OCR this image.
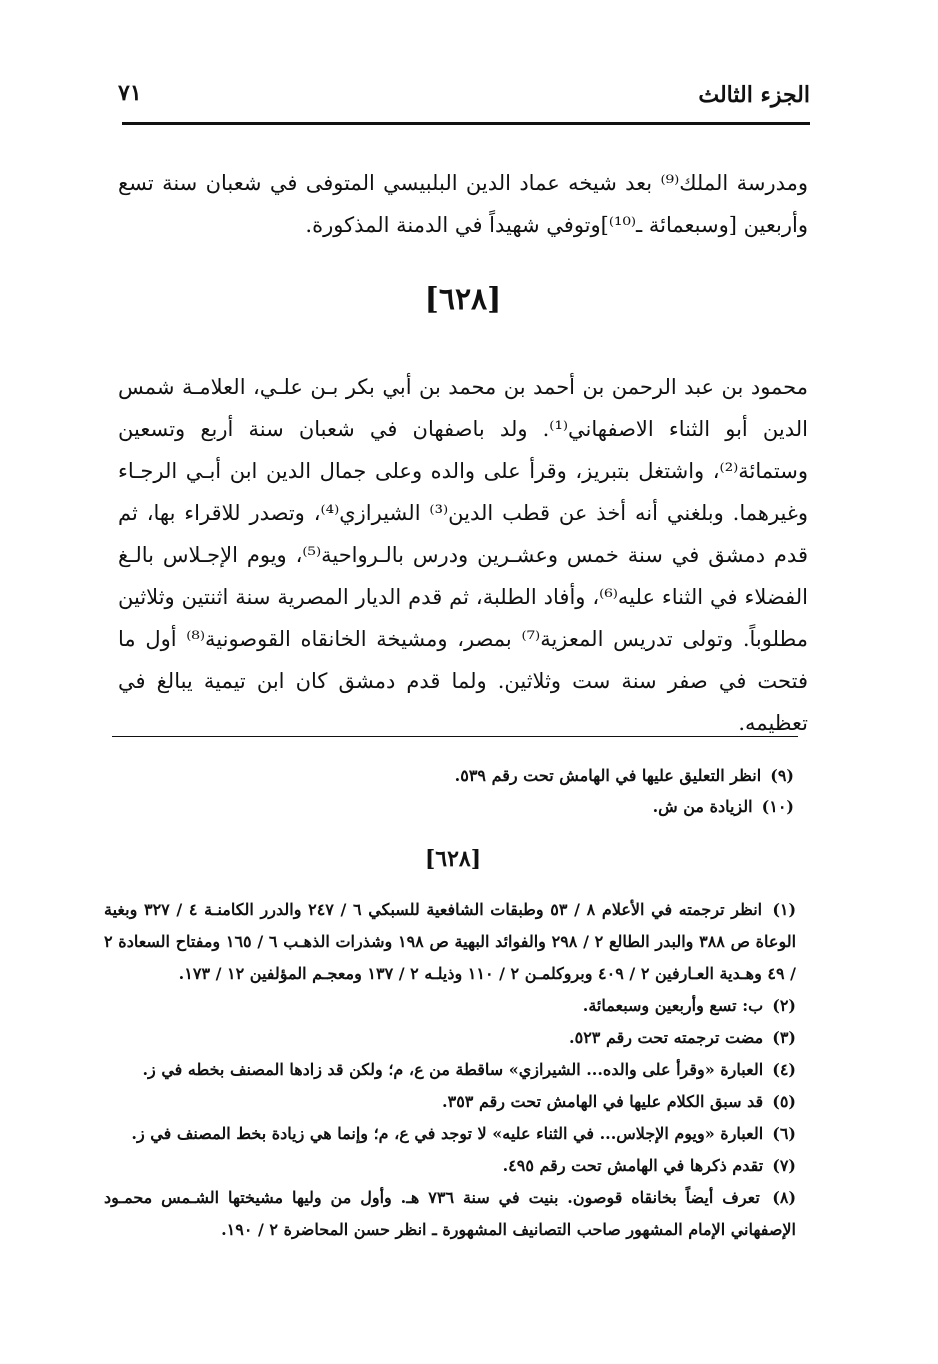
الجزء الثالث
٧١

ومدرسة الملك⁽⁹⁾ بعد شيخه عماد الدين البلبيسي المتوفى في شعبان سنة تسع وأربعين [وسبعمائة ـ⁽¹⁰⁾]وتوفي شهيداً في الدمنة المذكورة.

[٦٢٨]

محمود بن عبد الرحمن بن أحمد بن محمد بن أبي بكر بـن علـي، العلامـة شمس الدين أبو الثناء الاصفهاني⁽¹⁾. ولد باصفهان في شعبان سنة أربع وتسعين وستمائة⁽²⁾، واشتغل بتبريز، وقرأ على والده وعلى جمال الدين ابن أبـي الرجـاء وغيرهما. وبلغني أنه أخذ عن قطب الدين⁽³⁾ الشيرازي⁽⁴⁾، وتصدر للاقراء بها، ثم قدم دمشق في سنة خمس وعشـرين ودرس بالـرواحية⁽⁵⁾، ويوم الإجـلاس بالـغ الفضلاء في الثناء عليه⁽⁶⁾، وأفاد الطلبة، ثم قدم الديار المصرية سنة اثنتين وثلاثين مطلوباً. وتولى تدريس المعزية⁽⁷⁾ بمصر، ومشيخة الخانقاه القوصونية⁽⁸⁾ أول ما فتحت في صفر سنة ست وثلاثين. ولما قدم دمشق كان ابن تيمية يبالغ في تعظيمه.

(٩) انظر التعليق عليها في الهامش تحت رقم ٥٣٩.
(١٠) الزيادة من ش.
[٦٢٨]
(١) انظر ترجمته في الأعلام ٨ / ٥٣ وطبقات الشافعية للسبكي ٦ / ٢٤٧ والدرر الكامنـة ٤ / ٣٢٧ وبغية الوعاة ص ٣٨٨ والبدر الطالع ٢ / ٢٩٨ والفوائد البهية ص ١٩٨ وشذرات الذهـب ٦ / ١٦٥ ومفتاح السعادة ٢ / ٤٩ وهـدية العـارفين ٢ / ٤٠٩ وبروكلمـن ٢ / ١١٠ وذيلـه ٢ / ١٣٧ ومعجـم المؤلفين ١٢ / ١٧٣.
(٢) ب: تسع وأربعين وسبعمائة.
(٣) مضت ترجمته تحت رقم ٥٢٣.
(٤) العبارة «وقرأ على والده... الشيرازي» ساقطة من ع، م؛ ولكن قد زادها المصنف بخطه في ز.
(٥) قد سبق الكلام عليها في الهامش تحت رقم ٣٥٣.
(٦) العبارة «ويوم الإجلاس... في الثناء عليه» لا توجد في ع، م؛ وإنما هي زيادة بخط المصنف في ز.
(٧) تقدم ذكرها في الهامش تحت رقم ٤٩٥.
(٨) تعرف أيضاً بخانقاه قوصون. بنيت في سنة ٧٣٦ هـ. وأول من وليها مشيختها الشـمس محمـود الإصفهاني الإمام المشهور صاحب التصانيف المشهورة ـ انظر حسن المحاضرة ٢ / ١٩٠.
